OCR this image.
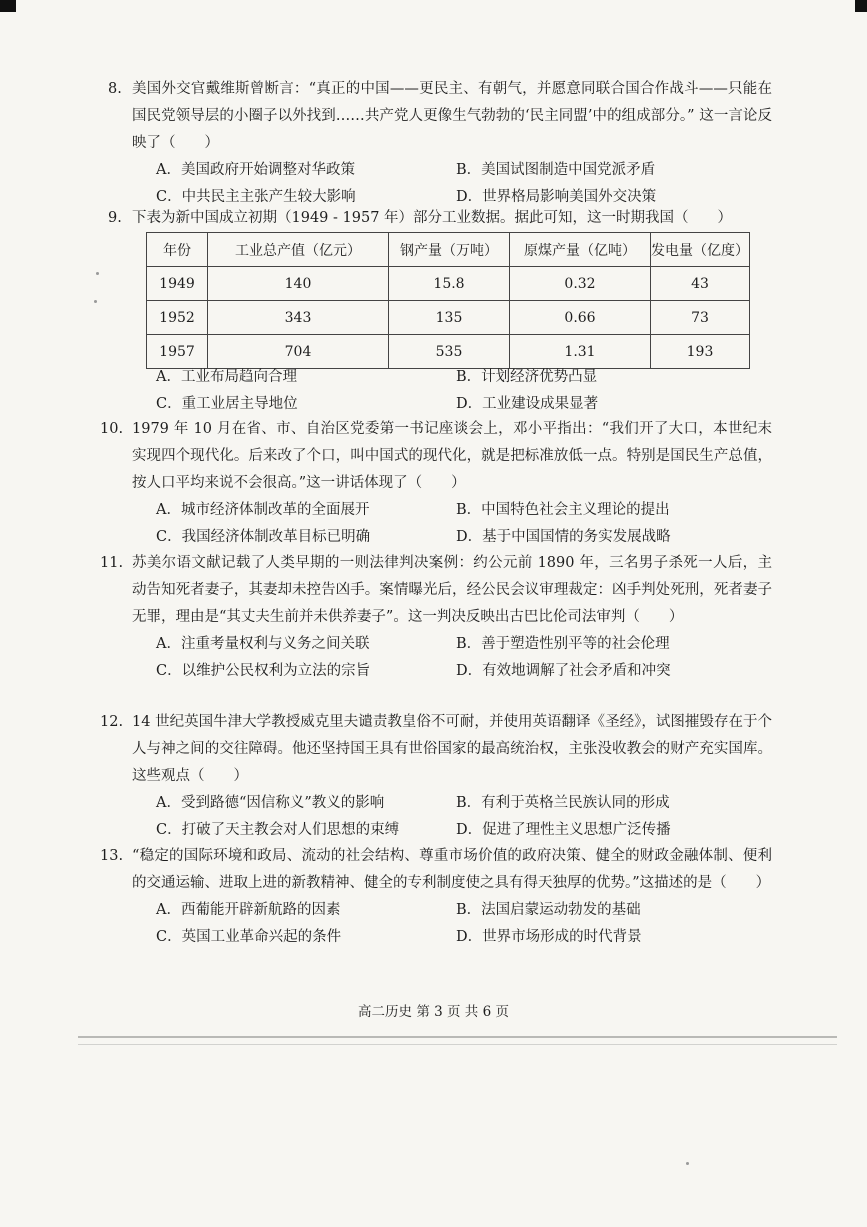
8. 美国外交官戴维斯曾断言：“真正的中国——更民主、有朝气，并愿意同联合国合作战斗——只能在国民党领导层的小圈子以外找到……共产党人更像生气勃勃的‘民主同盟’中的组成部分。” 这一言论反映了（　　）
A．美国政府开始调整对华政策	B．美国试图制造中国党派矛盾
C．中共民主主张产生较大影响	D．世界格局影响美国外交决策
9. 下表为新中国成立初期（1949 - 1957 年）部分工业数据。据此可知，这一时期我国（　　）
年份	工业总产值（亿元）	钢产量（万吨）	原煤产量（亿吨）	发电量（亿度）
1949	140	15.8	0.32	43
1952	343	135	0.66	73
1957	704	535	1.31	193
A．工业布局趋向合理	B．计划经济优势凸显
C．重工业居主导地位	D．工业建设成果显著
10. 1979 年 10 月在省、市、自治区党委第一书记座谈会上，邓小平指出：“我们开了大口，本世纪末实现四个现代化。后来改了个口，叫中国式的现代化，就是把标准放低一点。特别是国民生产总值，按人口平均来说不会很高。”这一讲话体现了（　　）
A．城市经济体制改革的全面展开	B．中国特色社会主义理论的提出
C．我国经济体制改革目标已明确	D．基于中国国情的务实发展战略
11. 苏美尔语文献记载了人类早期的一则法律判决案例：约公元前 1890 年，三名男子杀死一人后，主动告知死者妻子，其妻却未控告凶手。案情曝光后，经公民会议审理裁定：凶手判处死刑，死者妻子无罪，理由是“其丈夫生前并未供养妻子”。这一判决反映出古巴比伦司法审判（　　）
A．注重考量权利与义务之间关联	B．善于塑造性别平等的社会伦理
C．以维护公民权利为立法的宗旨	D．有效地调解了社会矛盾和冲突
12. 14 世纪英国牛津大学教授威克里夫谴责教皇俗不可耐，并使用英语翻译《圣经》，试图摧毁存在于个人与神之间的交往障碍。他还坚持国王具有世俗国家的最高统治权，主张没收教会的财产充实国库。这些观点（　　）
A．受到路德“因信称义”教义的影响	B．有利于英格兰民族认同的形成
C．打破了天主教会对人们思想的束缚	D．促进了理性主义思想广泛传播
13. “稳定的国际环境和政局、流动的社会结构、尊重市场价值的政府决策、健全的财政金融体制、便利的交通运输、进取上进的新教精神、健全的专利制度使之具有得天独厚的优势。”这描述的是（　　）
A．西葡能开辟新航路的因素	B．法国启蒙运动勃发的基础
C．英国工业革命兴起的条件	D．世界市场形成的时代背景
高二历史 第 3 页 共 6 页
